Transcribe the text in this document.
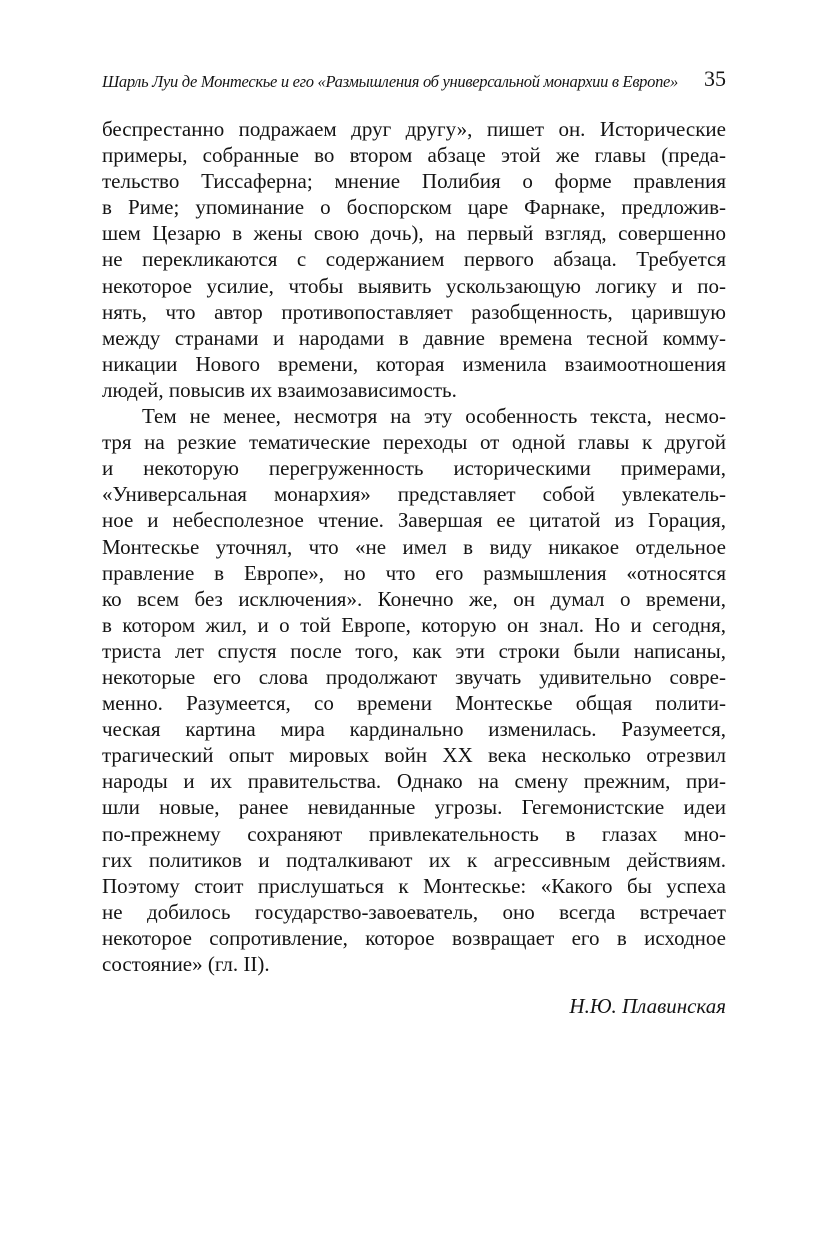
Шарль Луи де Монтескье и его «Размышления об универсальной монархии в Европе» 35
беспрестанно подражаем друг другу», пишет он. Исторические
примеры, собранные во втором абзаце этой же главы (преда-
тельство Тиссаферна; мнение Полибия о форме правления
в Риме; упоминание о боспорском царе Фарнаке, предложив-
шем Цезарю в жены свою дочь), на первый взгляд, совершенно
не перекликаются с содержанием первого абзаца. Требуется
некоторое усилие, чтобы выявить ускользающую логику и по-
нять, что автор противопоставляет разобщенность, царившую
между странами и народами в давние времена тесной комму-
никации Нового времени, которая изменила взаимоотношения
людей, повысив их взаимозависимость.
Тем не менее, несмотря на эту особенность текста, несмо-
тря на резкие тематические переходы от одной главы к другой
и некоторую перегруженность историческими примерами,
«Универсальная монархия» представляет собой увлекатель-
ное и небесполезное чтение. Завершая ее цитатой из Горация,
Монтескье уточнял, что «не имел в виду никакое отдельное
правление в Европе», но что его размышления «относятся
ко всем без исключения». Конечно же, он думал о времени,
в котором жил, и о той Европе, которую он знал. Но и сегодня,
триста лет спустя после того, как эти строки были написаны,
некоторые его слова продолжают звучать удивительно совре-
менно. Разумеется, со времени Монтескье общая полити-
ческая картина мира кардинально изменилась. Разумеется,
трагический опыт мировых войн XX века несколько отрезвил
народы и их правительства. Однако на смену прежним, при-
шли новые, ранее невиданные угрозы. Гегемонистские идеи
по-прежнему сохраняют привлекательность в глазах мно-
гих политиков и подталкивают их к агрессивным действиям.
Поэтому стоит прислушаться к Монтескье: «Какого бы успеха
не добилось государство-завоеватель, оно всегда встречает
некоторое сопротивление, которое возвращает его в исходное
состояние» (гл. II).
Н.Ю. Плавинская
